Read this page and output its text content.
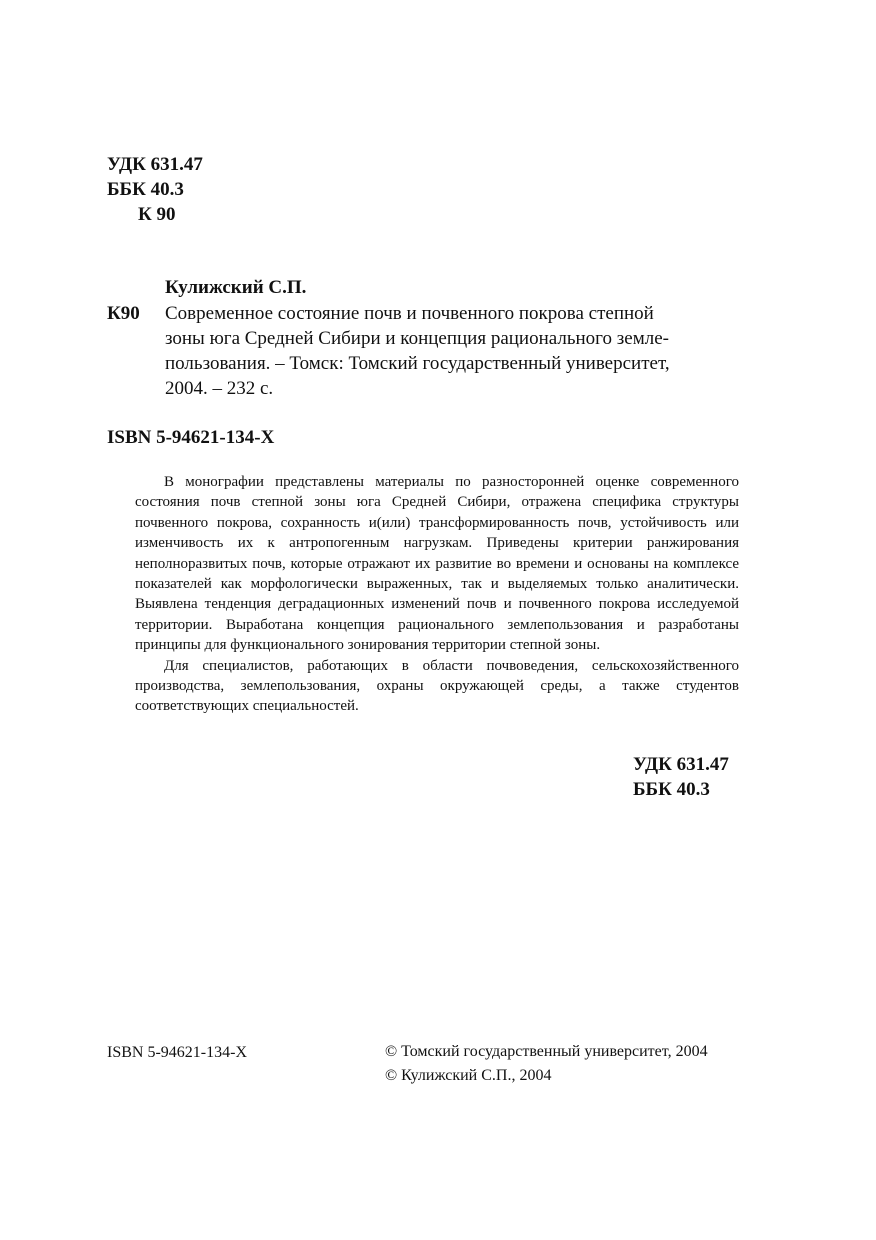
УДК 631.47
ББК 40.3
К 90
Кулижский С.П.
К90 Современное состояние почв и почвенного покрова степной
зоны юга Средней Сибири и концепция рационального земле-
пользования. – Томск: Томский государственный университет,
2004. – 232 с.
ISBN 5-94621-134-X

В монографии представлены материалы по разносторонней оценке современного состояния почв степной зоны юга Средней Сибири, отражена специфика структуры почвенного покрова, сохранность и(или) трансформированность почв, устойчивость или изменчивость их к антропогенным нагрузкам. Приведены критерии ранжирования неполноразвитых почв, которые отражают их развитие во времени и основаны на комплексе показателей как морфологически выраженных, так и выделяемых только аналитически. Выявлена тенденция деградационных изменений почв и почвенного покрова исследуемой территории. Выработана концепция рационального землепользования и разработаны принципы для функционального зонирования территории степной зоны.

Для специалистов, работающих в области почвоведения, сельскохозяйственного производства, землепользования, охраны окружающей среды, а также студентов соответствующих специальностей.

УДК 631.47
ББК 40.3
ISBN 5-94621-134-X	© Томский государственный университет, 2004
© Кулижский С.П., 2004
